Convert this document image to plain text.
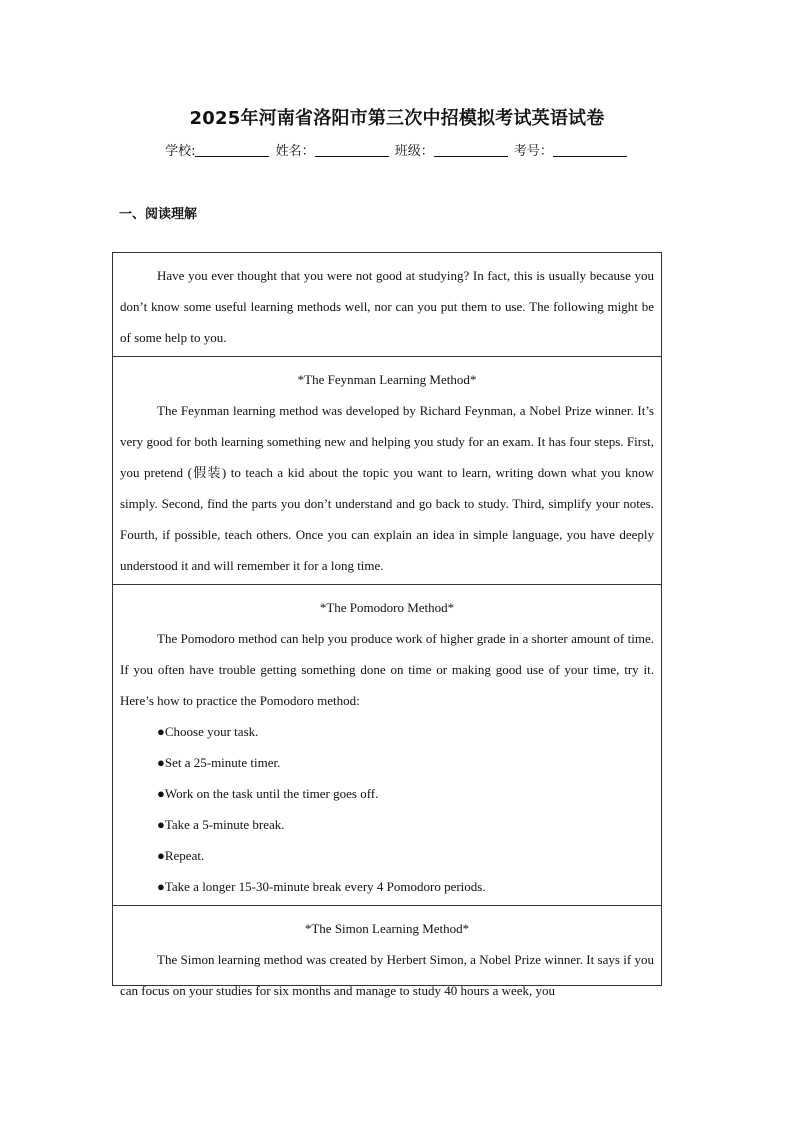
2025年河南省洛阳市第三次中招模拟考试英语试卷
学校:	姓名：	班级：	考号：
一、阅读理解

Have you ever thought that you were not good at studying? In fact, this is usually because you don’t know some useful learning methods well, nor can you put them to use. The following might be of some help to you.

*The Feynman Learning Method*

The Feynman learning method was developed by Richard Feynman, a Nobel Prize winner. It’s very good for both learning something new and helping you study for an exam. It has four steps. First, you pretend (假装) to teach a kid about the topic you want to learn, writing down what you know simply. Second, find the parts you don’t understand and go back to study. Third, simplify your notes. Fourth, if possible, teach others. Once you can explain an idea in simple language, you have deeply understood it and will remember it for a long time.

*The Pomodoro Method*

The Pomodoro method can help you produce work of higher grade in a shorter amount of time. If you often have trouble getting something done on time or making good use of your time, try it. Here’s how to practice the Pomodoro method:

●Choose your task.

●Set a 25-minute timer.

●Work on the task until the timer goes off.

●Take a 5-minute break.

●Repeat.

●Take a longer 15-30-minute break every 4 Pomodoro periods.

*The Simon Learning Method*

The Simon learning method was created by Herbert Simon, a Nobel Prize winner. It says if you can focus on your studies for six months and manage to study 40 hours a week, you
